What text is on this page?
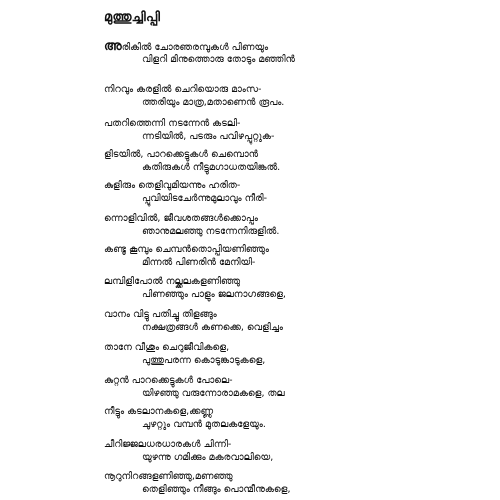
മുത്തുച്ചിപ്പി
അരികിൽ ചോരഞരമ്പുകൾ പിണയും
വിളറി മിനുത്തൊരു തോടും മഞ്ഞിൻ
നിറവും കരളിൽ ചെറിയൊരു മാംസ-
ത്തരിയും മാത്ര,മതാണെൻ രൂപം.
പതറിത്തെന്നി നടന്നേൻ കടലി-
ന്നടിയിൽ, പടരും പവിഴപ്പുറ്റുക-
ളിടയിൽ, പാറക്കെട്ടുകൾ ചെമ്പൊൻ
കതിരുകൾ നീട്ടുമഗാധതയിങ്കൽ.
കുളിരും തെളിവുമിയന്നും ഹരിത-
പ്പൂവിയിടചേർന്നുമുലാവും നീരി-
ന്നൊളിവിൽ, ജീവശതങ്ങൾക്കൊപ്പം
ഞാനുമലഞ്ഞു നടന്നേനിരുളിൽ.
കണ്ടൂ കൂമ്പും ചെമ്പൻതൊപ്പിയണിഞ്ഞും
മിന്നൽ പിണരിൻ മേനിയി-
ലമ്പിളിപോൽ നല്ക്കലകളണിഞ്ഞു
പിണഞ്ഞും പാളും ജലനാഗങ്ങളെ,
വാനം വിട്ടു പതിച്ചു തിളങ്ങും
നക്ഷത്രങ്ങൾ കണക്കെ, വെളിച്ചം
താനേ വീശും ചെറുജീവികളെ,
പുത്തുപരന്ന കൊടുങ്കാടുകളെ,
കുറ്റൻ പാറക്കെട്ടുകൾ പോലെ-
യിഴഞ്ഞു വരുന്നോരാമകളെ, തല
നീട്ടും കടലാനകളെ,ക്കണ്ണു
ചുഴറ്റും വമ്പൻ മുതലകളേയും.
ചീറിജ്ജലധരധാരകൾ ചിന്നി-
യുഴന്നു ഗമിക്കും മകരവാലിയെ,
നൂറുനിറങ്ങളണിഞ്ഞു,മണഞ്ഞു
തെളിഞ്ഞും നീങ്ങും പൊന്മീനുകളെ,
